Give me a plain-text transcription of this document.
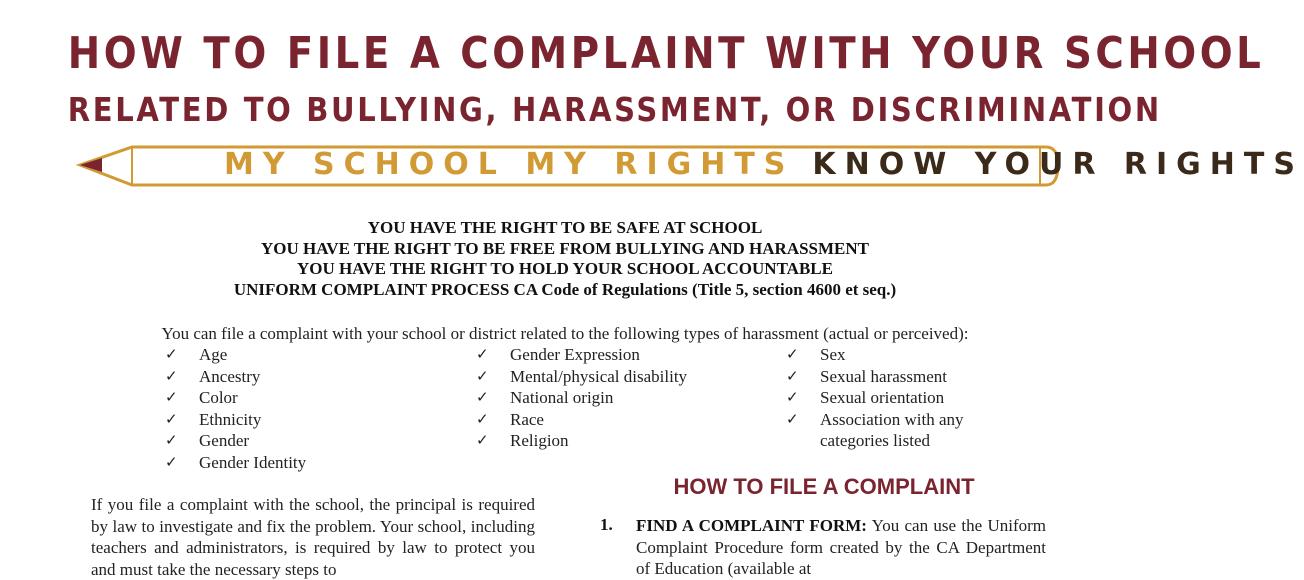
HOW TO FILE A COMPLAINT WITH YOUR SCHOOL
RELATED TO BULLYING, HARASSMENT, OR DISCRIMINATION
MY SCHOOL MY RIGHTS KNOW YOUR RIGHTS
YOU HAVE THE RIGHT TO BE SAFE AT SCHOOL
YOU HAVE THE RIGHT TO BE FREE FROM BULLYING AND HARASSMENT
YOU HAVE THE RIGHT TO HOLD YOUR SCHOOL ACCOUNTABLE
UNIFORM COMPLAINT PROCESS CA Code of Regulations (Title 5, section 4600 et seq.)
You can file a complaint with your school or district related to the following types of harassment (actual or perceived):
✓	Age
✓	Ancestry
✓	Color
✓	Ethnicity
✓	Gender
✓	Gender Identity
✓	Gender Expression
✓	Mental/physical disability
✓	National origin
✓	Race
✓	Religion
✓	Sex
✓	Sexual harassment
✓	Sexual orientation
✓	Association with any categories listed
If you file a complaint with the school, the principal is required by law to investigate and fix the problem. Your school, including teachers and administrators, is required by law to protect you and must take the necessary steps to
HOW TO FILE A COMPLAINT
1. FIND A COMPLAINT FORM: You can use the Uniform Complaint Procedure form created by the CA Department of Education (available at
